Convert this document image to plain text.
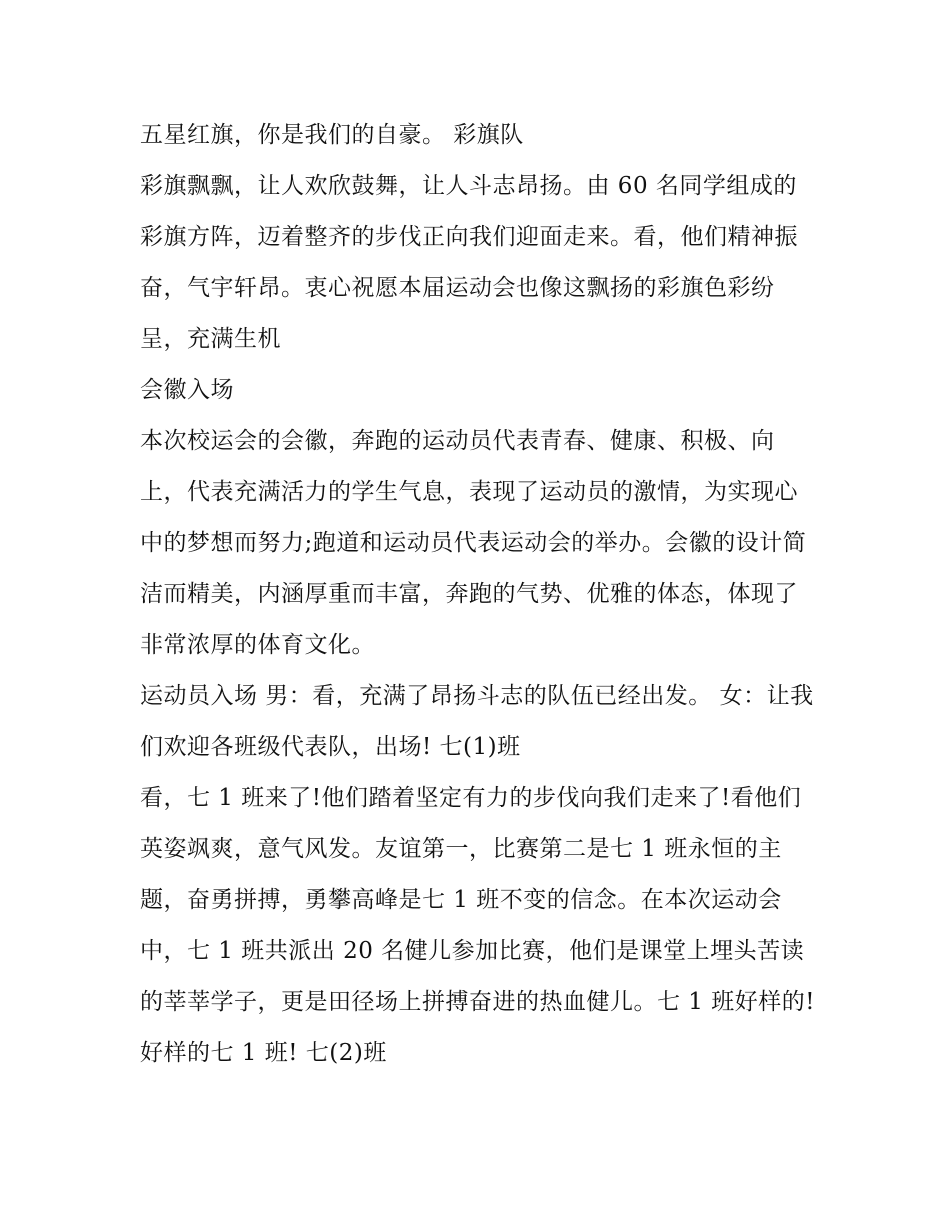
五星红旗，你是我们的自豪。 彩旗队

彩旗飘飘，让人欢欣鼓舞，让人斗志昂扬。由 60 名同学组成的彩旗方阵，迈着整齐的步伐正向我们迎面走来。看，他们精神振奋，气宇轩昂。衷心祝愿本届运动会也像这飘扬的彩旗色彩纷呈，充满生机

会徽入场

本次校运会的会徽，奔跑的运动员代表青春、健康、积极、向上，代表充满活力的学生气息，表现了运动员的激情，为实现心中的梦想而努力;跑道和运动员代表运动会的举办。会徽的设计简洁而精美，内涵厚重而丰富，奔跑的气势、优雅的体态，体现了非常浓厚的体育文化。

运动员入场 男：看，充满了昂扬斗志的队伍已经出发。 女：让我们欢迎各班级代表队，出场! 七(1)班

看，七 1 班来了!他们踏着坚定有力的步伐向我们走来了!看他们英姿飒爽，意气风发。友谊第一，比赛第二是七 1 班永恒的主题，奋勇拼搏，勇攀高峰是七 1 班不变的信念。在本次运动会中，七 1 班共派出 20 名健儿参加比赛，他们是课堂上埋头苦读的莘莘学子，更是田径场上拼搏奋进的热血健儿。七 1 班好样的!

好样的七 1 班! 七(2)班
